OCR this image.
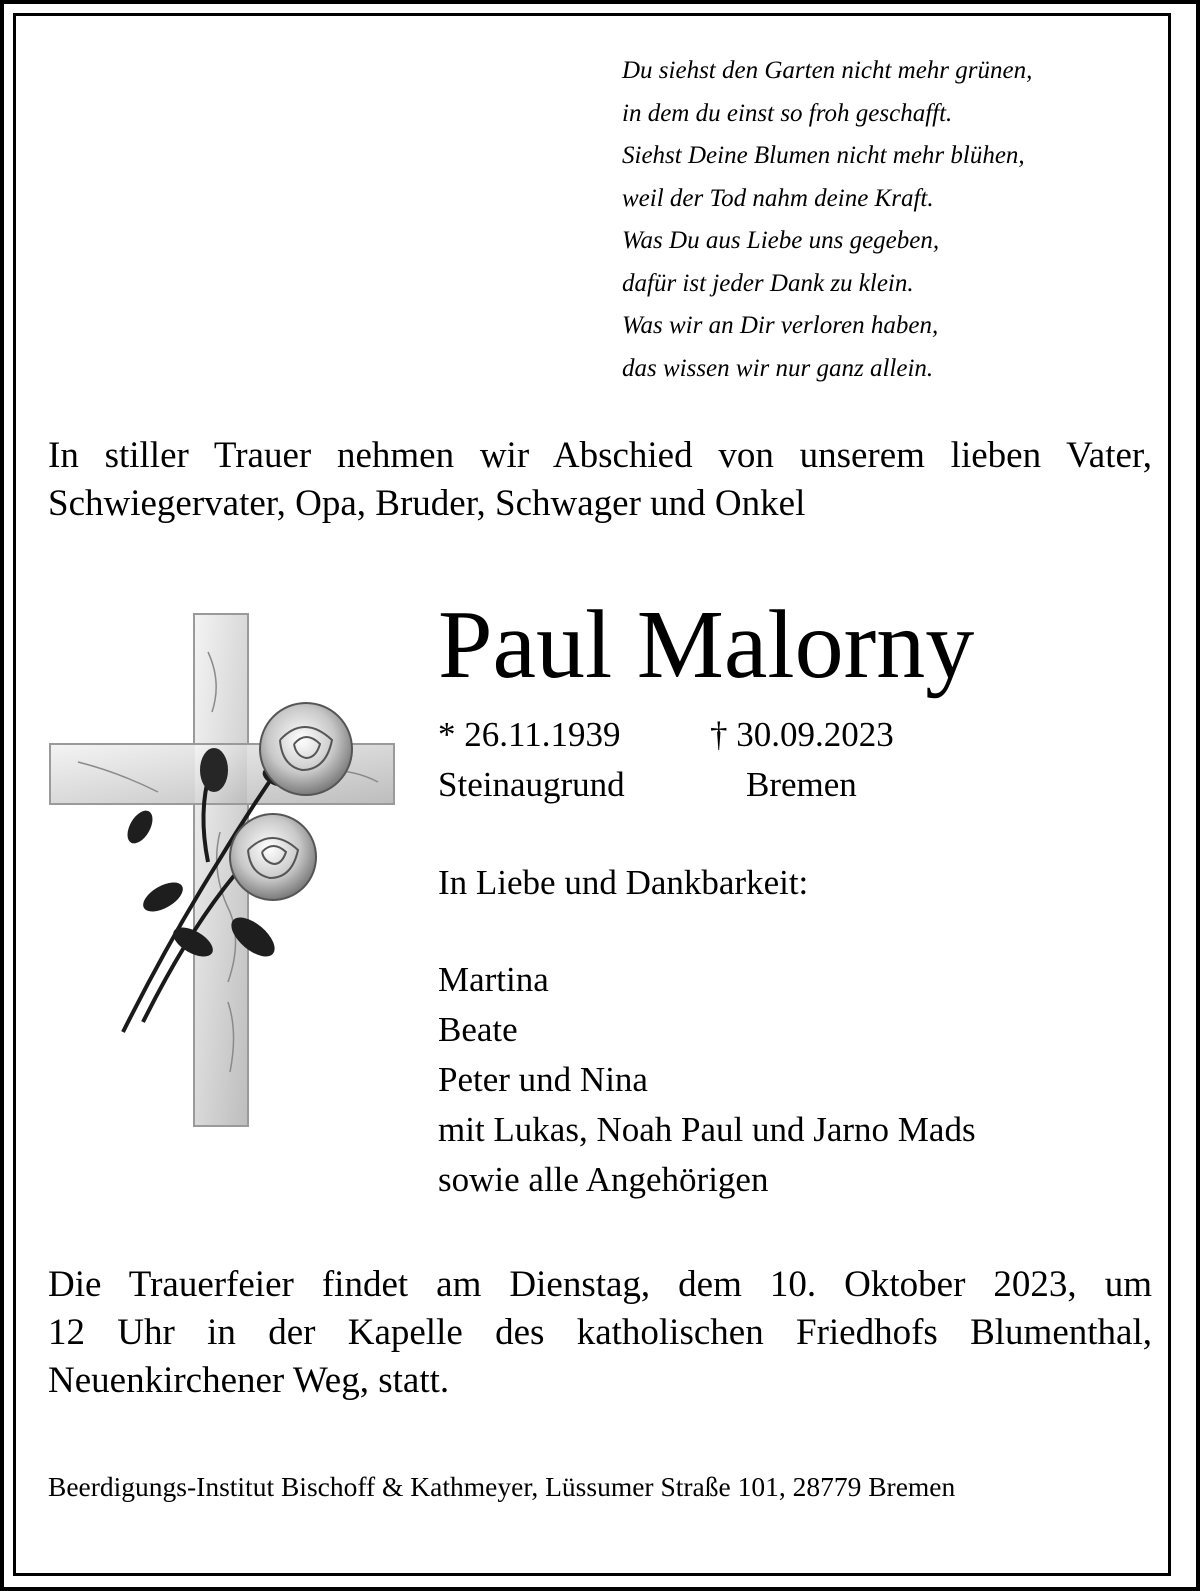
Du siehst den Garten nicht mehr grünen,
in dem du einst so froh geschafft.
Siehst Deine Blumen nicht mehr blühen,
weil der Tod nahm deine Kraft.
Was Du aus Liebe uns gegeben,
dafür ist jeder Dank zu klein.
Was wir an Dir verloren haben,
das wissen wir nur ganz allein.
In stiller Trauer nehmen wir Abschied von unserem lieben Vater,
Schwiegervater, Opa, Bruder, Schwager und Onkel
Paul Malorny
* 26.11.1939	† 30.09.2023
Steinaugrund	Bremen
In Liebe und Dankbarkeit:
Martina
Beate
Peter und Nina
mit Lukas, Noah Paul und Jarno Mads
sowie alle Angehörigen
Die Trauerfeier findet am Dienstag, dem 10. Oktober 2023, um
12 Uhr in der Kapelle des katholischen Friedhofs Blumenthal,
Neuenkirchener Weg, statt.
Beerdigungs-Institut Bischoff & Kathmeyer, Lüssumer Straße 101, 28779 Bremen
